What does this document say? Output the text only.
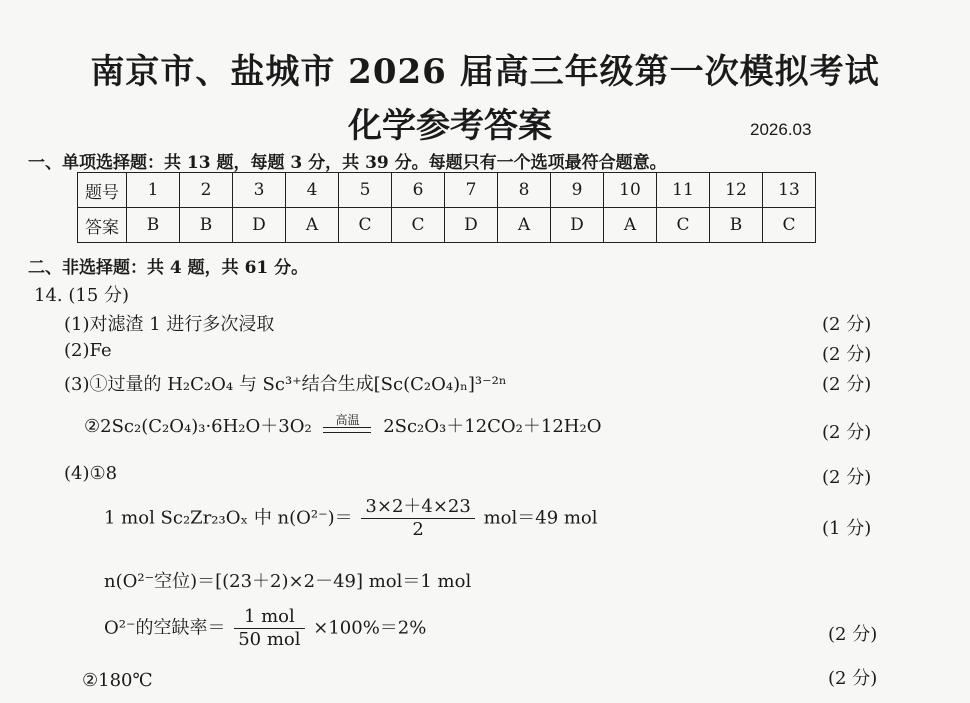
南京市、盐城市 2026 届高三年级第一次模拟考试
化学参考答案	2026.03
一、单项选择题：共 13 题，每题 3 分，共 39 分。每题只有一个选项最符合题意。
题号	1	2	3	4	5	6	7	8	9	10	11	12	13
答案	B	B	D	A	C	C	D	A	D	A	C	B	C
二、非选择题：共 4 题，共 61 分。
14. (15 分)
(1)对滤渣 1 进行多次浸取	(2 分)
(2)Fe	(2 分)
(3)①过量的 H₂C₂O₄ 与 Sc³⁺结合生成[Sc(C₂O₄)ₙ]³⁻²ⁿ	(2 分)
②2Sc₂(C₂O₄)₃·6H₂O＋3O₂	高温	2Sc₂O₃＋12CO₂＋12H₂O	(2 分)
(4)①8	(2 分)
1 mol Sc₂Zr₂₃Oₓ 中 $n(O^{2-})= \frac{3\times 2+4\times 23}{2} mol=49$ mol	(1 分)
n(O²⁻空位)＝[(23＋2)×2－49] mol＝1 mol
O²⁻的空缺率＝ $\frac{\text{1 mol}}{\text{50 mol}} \times 100\%=2\%$	(2 分)
②180℃	(2 分)
